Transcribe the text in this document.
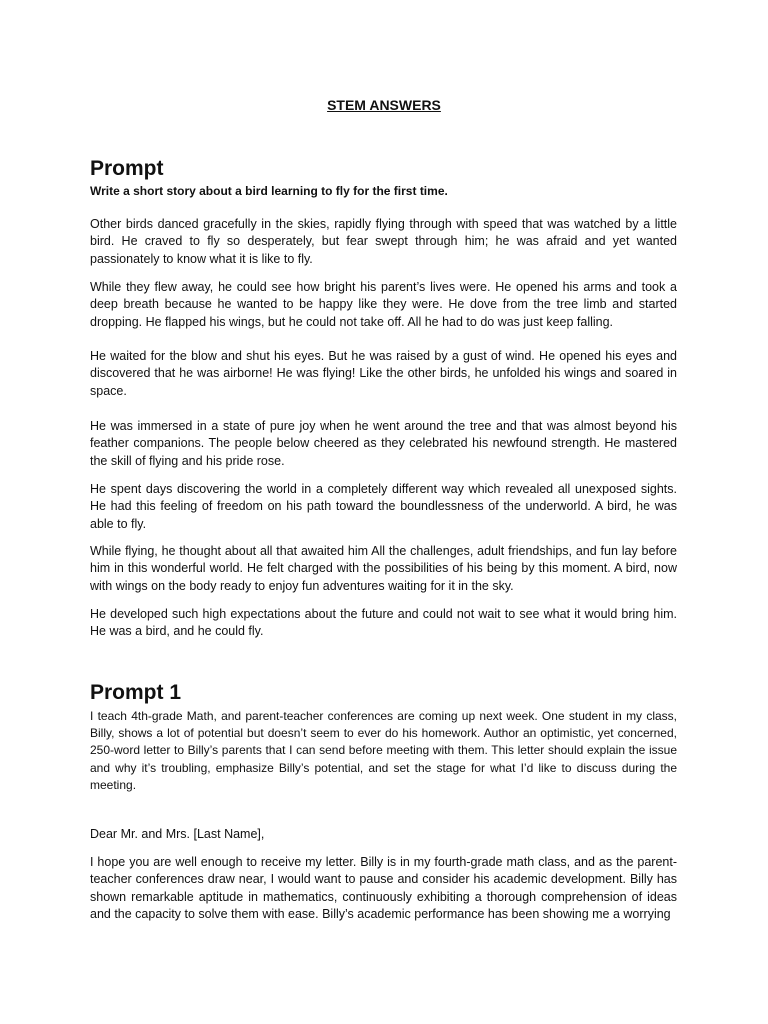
STEM ANSWERS
Prompt

Write a short story about a bird learning to fly for the first time.

Other birds danced gracefully in the skies, rapidly flying through with speed that was watched by a little bird. He craved to fly so desperately, but fear swept through him; he was afraid and yet wanted passionately to know what it is like to fly.

While they flew away, he could see how bright his parent’s lives were. He opened his arms and took a deep breath because he wanted to be happy like they were. He dove from the tree limb and started dropping. He flapped his wings, but he could not take off. All he had to do was just keep falling.

He waited for the blow and shut his eyes. But he was raised by a gust of wind. He opened his eyes and discovered that he was airborne! He was flying! Like the other birds, he unfolded his wings and soared in space.

He was immersed in a state of pure joy when he went around the tree and that was almost beyond his feather companions. The people below cheered as they celebrated his newfound strength. He mastered the skill of flying and his pride rose.

He spent days discovering the world in a completely different way which revealed all unexposed sights. He had this feeling of freedom on his path toward the boundlessness of the underworld. A bird, he was able to fly.

While flying, he thought about all that awaited him All the challenges, adult friendships, and fun lay before him in this wonderful world. He felt charged with the possibilities of his being by this moment. A bird, now with wings on the body ready to enjoy fun adventures waiting for it in the sky.

He developed such high expectations about the future and could not wait to see what it would bring him. He was a bird, and he could fly.

Prompt 1

I teach 4th-grade Math, and parent-teacher conferences are coming up next week. One student in my class, Billy, shows a lot of potential but doesn’t seem to ever do his homework. Author an optimistic, yet concerned, 250-word letter to Billy’s parents that I can send before meeting with them. This letter should explain the issue and why it’s troubling, emphasize Billy’s potential, and set the stage for what I’d like to discuss during the meeting.

Dear Mr. and Mrs. [Last Name],

I hope you are well enough to receive my letter. Billy is in my fourth-grade math class, and as the parent-teacher conferences draw near, I would want to pause and consider his academic development. Billy has shown remarkable aptitude in mathematics, continuously exhibiting a thorough comprehension of ideas and the capacity to solve them with ease. Billy’s academic performance has been showing me a worrying
